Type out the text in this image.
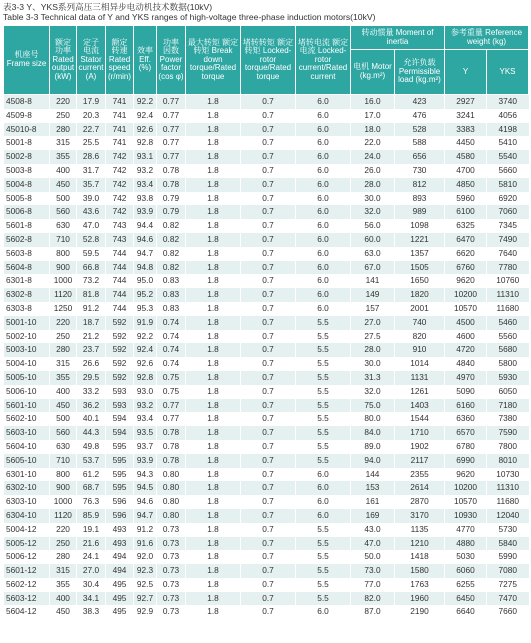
表3-3 Y、YKS系列高压三相异步电动机技术数据(10kV)
Table 3-3 Technical data of Y and YKS ranges of high-voltage three-phase induction motors(10kV)
机座号 Frame size	额定 功率 Rated output (kW)	定子 电流 Stator current (A)	额定 转速 Rated speed (r/min)	效率 Eff. (%)	功率 因数 Power factor (cos φ)	最大转矩 额定转矩 Break down torque/Rated torque	堵转转矩 额定转矩 Locked-rotor torque/Rated torque	堵转电流 额定电流 Locked-rotor current/Rated current	转动惯量 Moment of inertia		参考重量 Reference weight (kg)	
									电机 Motor (kg.m²)	允许负载 Permissible load (kg.m²)	Y	YKS
4508-8	220	17.9	741	92.2	0.77	1.8	0.7	6.0	16.0	423	2927	3740
4509-8	250	20.3	741	92.4	0.77	1.8	0.7	6.0	17.0	476	3241	4056
45010-8	280	22.7	741	92.6	0.77	1.8	0.7	6.0	18.0	528	3383	4198
5001-8	315	25.5	741	92.8	0.77	1.8	0.7	6.0	22.0	588	4450	5410
5002-8	355	28.6	742	93.1	0.77	1.8	0.7	6.0	24.0	656	4580	5540
5003-8	400	31.7	742	93.2	0.78	1.8	0.7	6.0	26.0	730	4700	5660
5004-8	450	35.7	742	93.4	0.78	1.8	0.7	6.0	28.0	812	4850	5810
5005-8	500	39.0	742	93.8	0.79	1.8	0.7	6.0	30.0	893	5960	6920
5006-8	560	43.6	742	93.9	0.79	1.8	0.7	6.0	32.0	989	6100	7060
5601-8	630	47.0	743	94.4	0.82	1.8	0.7	6.0	56.0	1098	6325	7345
5602-8	710	52.8	743	94.6	0.82	1.8	0.7	6.0	60.0	1221	6470	7490
5603-8	800	59.5	744	94.7	0.82	1.8	0.7	6.0	63.0	1357	6620	7640
5604-8	900	66.8	744	94.8	0.82	1.8	0.7	6.0	67.0	1505	6760	7780
6301-8	1000	73.2	744	95.0	0.83	1.8	0.7	6.0	141	1650	9620	10760
6302-8	1120	81.8	744	95.2	0.83	1.8	0.7	6.0	149	1820	10200	11310
6303-8	1250	91.2	744	95.3	0.83	1.8	0.7	6.0	157	2001	10570	11680
5001-10	220	18.7	592	91.9	0.74	1.8	0.7	5.5	27.0	740	4500	5460
5002-10	250	21.2	592	92.2	0.74	1.8	0.7	5.5	27.5	820	4600	5560
5003-10	280	23.7	592	92.4	0.74	1.8	0.7	5.5	28.0	910	4720	5680
5004-10	315	26.6	592	92.6	0.74	1.8	0.7	5.5	30.0	1014	4840	5800
5005-10	355	29.5	592	92.8	0.75	1.8	0.7	5.5	31.3	1131	4970	5930
5006-10	400	33.2	593	93.0	0.75	1.8	0.7	5.5	32.0	1261	5090	6050
5601-10	450	36.2	593	93.2	0.77	1.8	0.7	5.5	75.0	1403	6160	7180
5602-10	500	40.1	594	93.4	0.77	1.8	0.7	5.5	80.0	1544	6360	7380
5603-10	560	44.3	594	93.5	0.78	1.8	0.7	5.5	84.0	1710	6570	7590
5604-10	630	49.8	595	93.7	0.78	1.8	0.7	5.5	89.0	1902	6780	7800
5605-10	710	53.7	595	93.9	0.78	1.8	0.7	5.5	94.0	2117	6990	8010
6301-10	800	61.2	595	94.3	0.80	1.8	0.7	6.0	144	2355	9620	10730
6302-10	900	68.7	595	94.5	0.80	1.8	0.7	6.0	153	2614	10200	11310
6303-10	1000	76.3	596	94.6	0.80	1.8	0.7	6.0	161	2870	10570	11680
6304-10	1120	85.9	596	94.7	0.80	1.8	0.7	6.0	169	3170	10930	12040
5004-12	220	19.1	493	91.2	0.73	1.8	0.7	5.5	43.0	1135	4770	5730
5005-12	250	21.6	493	91.6	0.73	1.8	0.7	5.5	47.0	1210	4880	5840
5006-12	280	24.1	494	92.0	0.73	1.8	0.7	5.5	50.0	1418	5030	5990
5601-12	315	27.0	494	92.3	0.73	1.8	0.7	5.5	73.0	1580	6060	7080
5602-12	355	30.4	495	92.5	0.73	1.8	0.7	5.5	77.0	1763	6255	7275
5603-12	400	34.1	495	92.7	0.73	1.8	0.7	5.5	82.0	1960	6450	7470
5604-12	450	38.3	495	92.9	0.73	1.8	0.7	6.0	87.0	2190	6640	7660
